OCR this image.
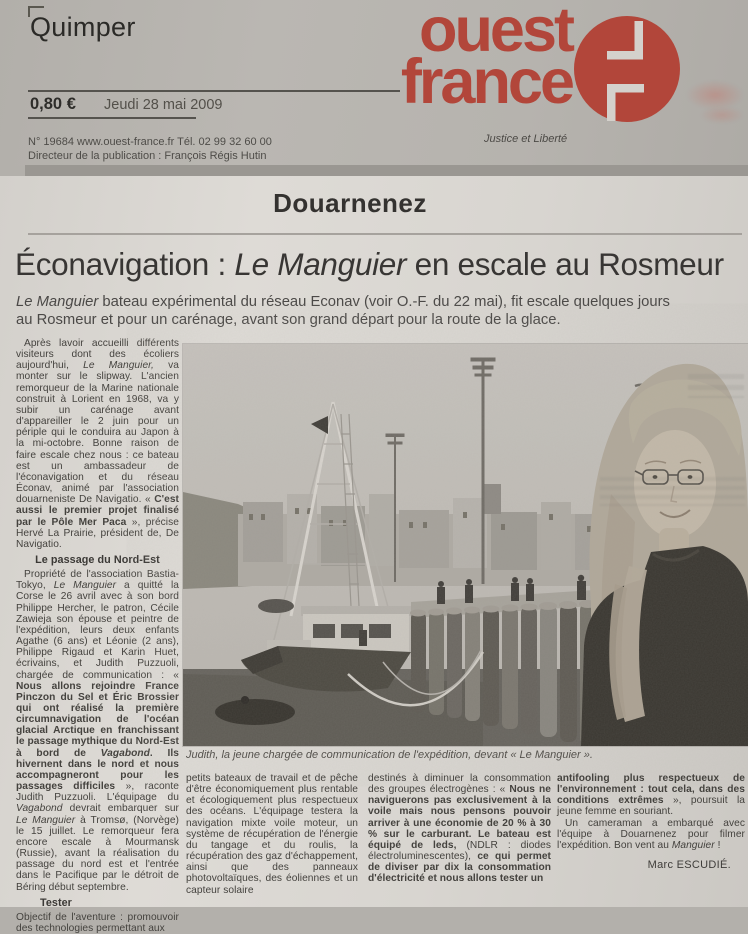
Quimper	ouest
france
Justice et Liberté
0,80 € Jeudi 28 mai 2009
N° 19684 www.ouest-france.fr Tél. 02 99 32 60 00
Directeur de la publication : François Régis Hutin
Douarnenez
Éconavigation : Le Manguier en escale au Rosmeur
Le Manguier bateau expérimental du réseau Econav (voir O.-F. du 22 mai), fit escale quelques jours au Rosmeur et pour un carénage, avant son grand départ pour la route de la glace.

Après lavoir accueilli différents visiteurs dont des écoliers aujourd'hui, Le Manguier, va monter sur le slipway. L'ancien remorqueur de la Marine nationale construit à Lorient en 1968, va y subir un carénage avant d'appareiller le 2 juin pour un périple qui le conduira au Japon à la mi-octobre. Bonne raison de faire escale chez nous : ce bateau est un ambassadeur de l'éconavigation et du réseau Éconav, animé par l'association douarneniste De Navigatio. « C'est aussi le premier projet finalisé par le Pôle Mer Paca », précise Hervé La Prairie, président de, De Navigatio.

Le passage du Nord-Est

Propriété de l'association Bastia-Tokyo, Le Manguier a quitté la Corse le 26 avril avec à son bord Philippe Hercher, le patron, Cécile Zawieja son épouse et peintre de l'expédition, leurs deux enfants Agathe (6 ans) et Léonie (2 ans), Philippe Rigaud et Karin Huet, écrivains, et Judith Puzzuoli, chargée de communication : « Nous allons rejoindre France Pinczon du Sel et Éric Brossier qui ont réalisé la première circumnavigation de l'océan glacial Arctique en franchissant le passage mythique du Nord-Est à bord de Vagabond. Ils hivernent dans le nord et nous accompagneront pour les passages difficiles », raconte Judith Puzzuoli. L'équipage du Vagabond devrait embarquer sur Le Manguier à Tromsø, (Norvège) le 15 juillet. Le remorqueur fera encore escale à Mourmansk (Russie), avant la réalisation du passage du nord est et l'entrée dans le Pacifique par le détroit de Béring début septembre.

Tester

Objectif de l'aventure : promouvoir des technologies permettant aux

Judith, la jeune chargée de communication de l'expédition, devant « Le Manguier ».

petits bateaux de travail et de pêche d'être économiquement plus rentable et écologiquement plus respectueux des océans. L'équipage testera la navigation mixte voile moteur, un système de récupération de l'énergie du tangage et du roulis, la récupération des gaz d'échappement, ainsi que des panneaux photovoltaïques, des éoliennes et un capteur solaire

destinés à diminuer la consommation des groupes électrogènes : « Nous ne naviguerons pas exclusivement à la voile mais nous pensons pouvoir arriver à une économie de 20 % à 30 % sur le carburant. Le bateau est équipé de leds, (NDLR : diodes électroluminescentes), ce qui permet de diviser par dix la consommation d'électricité et nous allons tester un

antifooling plus respectueux de l'environnement : tout cela, dans des conditions extrêmes », poursuit la jeune femme en souriant.

Un cameraman a embarqué avec l'équipe à Douarnenez pour filmer l'expédition. Bon vent au Manguier !

Marc ESCUDIÉ.
